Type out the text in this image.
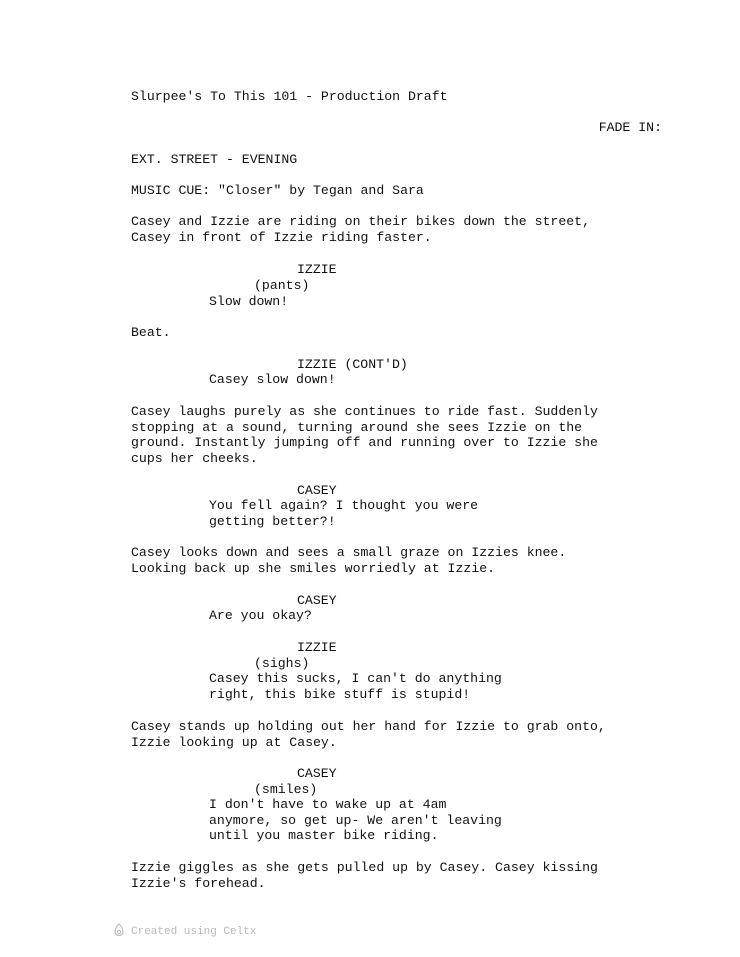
Slurpee's To This 101 - Production Draft
FADE IN:
EXT. STREET - EVENING
MUSIC CUE: "Closer" by Tegan and Sara
Casey and Izzie are riding on their bikes down the street,
Casey in front of Izzie riding faster.
IZZIE
(pants)
Slow down!
Beat.
IZZIE (CONT'D)
Casey slow down!
Casey laughs purely as she continues to ride fast. Suddenly
stopping at a sound, turning around she sees Izzie on the
ground. Instantly jumping off and running over to Izzie she
cups her cheeks.
CASEY
You fell again? I thought you were
getting better?!
Casey looks down and sees a small graze on Izzies knee.
Looking back up she smiles worriedly at Izzie.
CASEY
Are you okay?
IZZIE
(sighs)
Casey this sucks, I can't do anything
right, this bike stuff is stupid!
Casey stands up holding out her hand for Izzie to grab onto,
Izzie looking up at Casey.
CASEY
(smiles)
I don't have to wake up at 4am
anymore, so get up- We aren't leaving
until you master bike riding.
Izzie giggles as she gets pulled up by Casey. Casey kissing
Izzie's forehead.
Created using Celtx
